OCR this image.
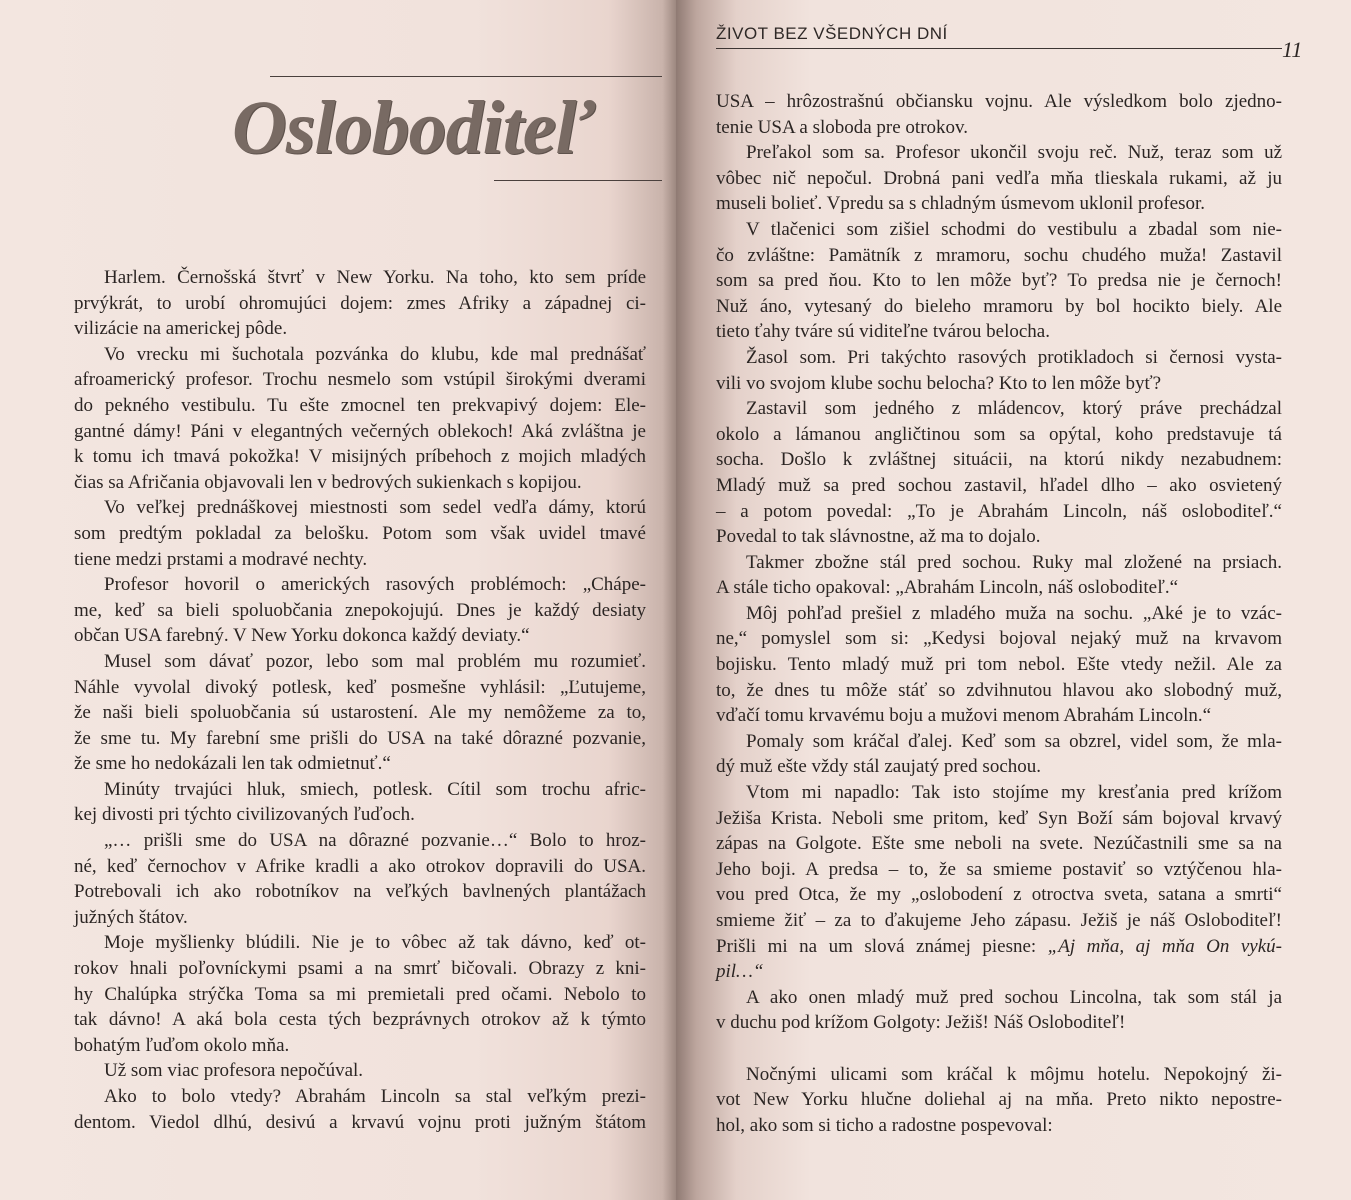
Osloboditeľ
Harlem. Černošská štvrť v New Yorku. Na toho, kto sem príde
prvýkrát, to urobí ohromujúci dojem: zmes Afriky a západnej ci-
vilizácie na americkej pôde.
Vo vrecku mi šuchotala pozvánka do klubu, kde mal prednášať
afroamerický profesor. Trochu nesmelo som vstúpil širokými dverami
do pekného vestibulu. Tu ešte zmocnel ten prekvapivý dojem: Ele-
gantné dámy! Páni v elegantných večerných oblekoch! Aká zvláštna je
k tomu ich tmavá pokožka! V misijných príbehoch z mojich mladých
čias sa Afričania objavovali len v bedrových sukienkach s kopijou.
Vo veľkej prednáškovej miestnosti som sedel vedľa dámy, ktorú
som predtým pokladal za belošku. Potom som však uvidel tmavé
tiene medzi prstami a modravé nechty.
Profesor hovoril o amerických rasových problémoch: „Chápe-
me, keď sa bieli spoluobčania znepokojujú. Dnes je každý desiaty
občan USA farebný. V New Yorku dokonca každý deviaty.“
Musel som dávať pozor, lebo som mal problém mu rozumieť.
Náhle vyvolal divoký potlesk, keď posmešne vyhlásil: „Ľutujeme,
že naši bieli spoluobčania sú ustarostení. Ale my nemôžeme za to,
že sme tu. My farební sme prišli do USA na také dôrazné pozvanie,
že sme ho nedokázali len tak odmietnuť.“
Minúty trvajúci hluk, smiech, potlesk. Cítil som trochu afric-
kej divosti pri týchto civilizovaných ľuďoch.
„… prišli sme do USA na dôrazné pozvanie…“ Bolo to hroz-
né, keď černochov v Afrike kradli a ako otrokov dopravili do USA.
Potrebovali ich ako robotníkov na veľkých bavlnených plantážach
južných štátov.
Moje myšlienky blúdili. Nie je to vôbec až tak dávno, keď ot-
rokov hnali poľovníckymi psami a na smrť bičovali. Obrazy z kni-
hy Chalúpka strýčka Toma sa mi premietali pred očami. Nebolo to
tak dávno! A aká bola cesta tých bezprávnych otrokov až k týmto
bohatým ľuďom okolo mňa.
Už som viac profesora nepočúval.
Ako to bolo vtedy? Abrahám Lincoln sa stal veľkým prezi-
dentom. Viedol dlhú, desivú a krvavú vojnu proti južným štátom
ŽIVOT BEZ VŠEDNÝCH DNÍ
11
USA – hrôzostrašnú občiansku vojnu. Ale výsledkom bolo zjedno-
tenie USA a sloboda pre otrokov.
Preľakol som sa. Profesor ukončil svoju reč. Nuž, teraz som už
vôbec nič nepočul. Drobná pani vedľa mňa tlieskala rukami, až ju
museli bolieť. Vpredu sa s chladným úsmevom uklonil profesor.
V tlačenici som zišiel schodmi do vestibulu a zbadal som nie-
čo zvláštne: Pamätník z mramoru, sochu chudého muža! Zastavil
som sa pred ňou. Kto to len môže byť? To predsa nie je černoch!
Nuž áno, vytesaný do bieleho mramoru by bol hocikto biely. Ale
tieto ťahy tváre sú viditeľne tvárou belocha.
Žasol som. Pri takýchto rasových protikladoch si černosi vysta-
vili vo svojom klube sochu belocha? Kto to len môže byť?
Zastavil som jedného z mládencov, ktorý práve prechádzal
okolo a lámanou angličtinou som sa opýtal, koho predstavuje tá
socha. Došlo k zvláštnej situácii, na ktorú nikdy nezabudnem:
Mladý muž sa pred sochou zastavil, hľadel dlho – ako osvietený
– a potom povedal: „To je Abrahám Lincoln, náš osloboditeľ.“
Povedal to tak slávnostne, až ma to dojalo.
Takmer zbožne stál pred sochou. Ruky mal zložené na prsiach.
A stále ticho opakoval: „Abrahám Lincoln, náš osloboditeľ.“
Môj pohľad prešiel z mladého muža na sochu. „Aké je to vzác-
ne,“ pomyslel som si: „Kedysi bojoval nejaký muž na krvavom
bojisku. Tento mladý muž pri tom nebol. Ešte vtedy nežil. Ale za
to, že dnes tu môže stáť so zdvihnutou hlavou ako slobodný muž,
vďačí tomu krvavému boju a mužovi menom Abrahám Lincoln.“
Pomaly som kráčal ďalej. Keď som sa obzrel, videl som, že mla-
dý muž ešte vždy stál zaujatý pred sochou.
Vtom mi napadlo: Tak isto stojíme my kresťania pred krížom
Ježiša Krista. Neboli sme pritom, keď Syn Boží sám bojoval krvavý
zápas na Golgote. Ešte sme neboli na svete. Nezúčastnili sme sa na
Jeho boji. A predsa – to, že sa smieme postaviť so vztýčenou hla-
vou pred Otca, že my „oslobodení z otroctva sveta, satana a smrti“
smieme žiť – za to ďakujeme Jeho zápasu. Ježiš je náš Osloboditeľ!
Prišli mi na um slová známej piesne: „Aj mňa, aj mňa On vykú-
pil…“
A ako onen mladý muž pred sochou Lincolna, tak som stál ja
v duchu pod krížom Golgoty: Ježiš! Náš Osloboditeľ!
Nočnými ulicami som kráčal k môjmu hotelu. Nepokojný ži-
vot New Yorku hlučne doliehal aj na mňa. Preto nikto nepostre-
hol, ako som si ticho a radostne pospevoval:
